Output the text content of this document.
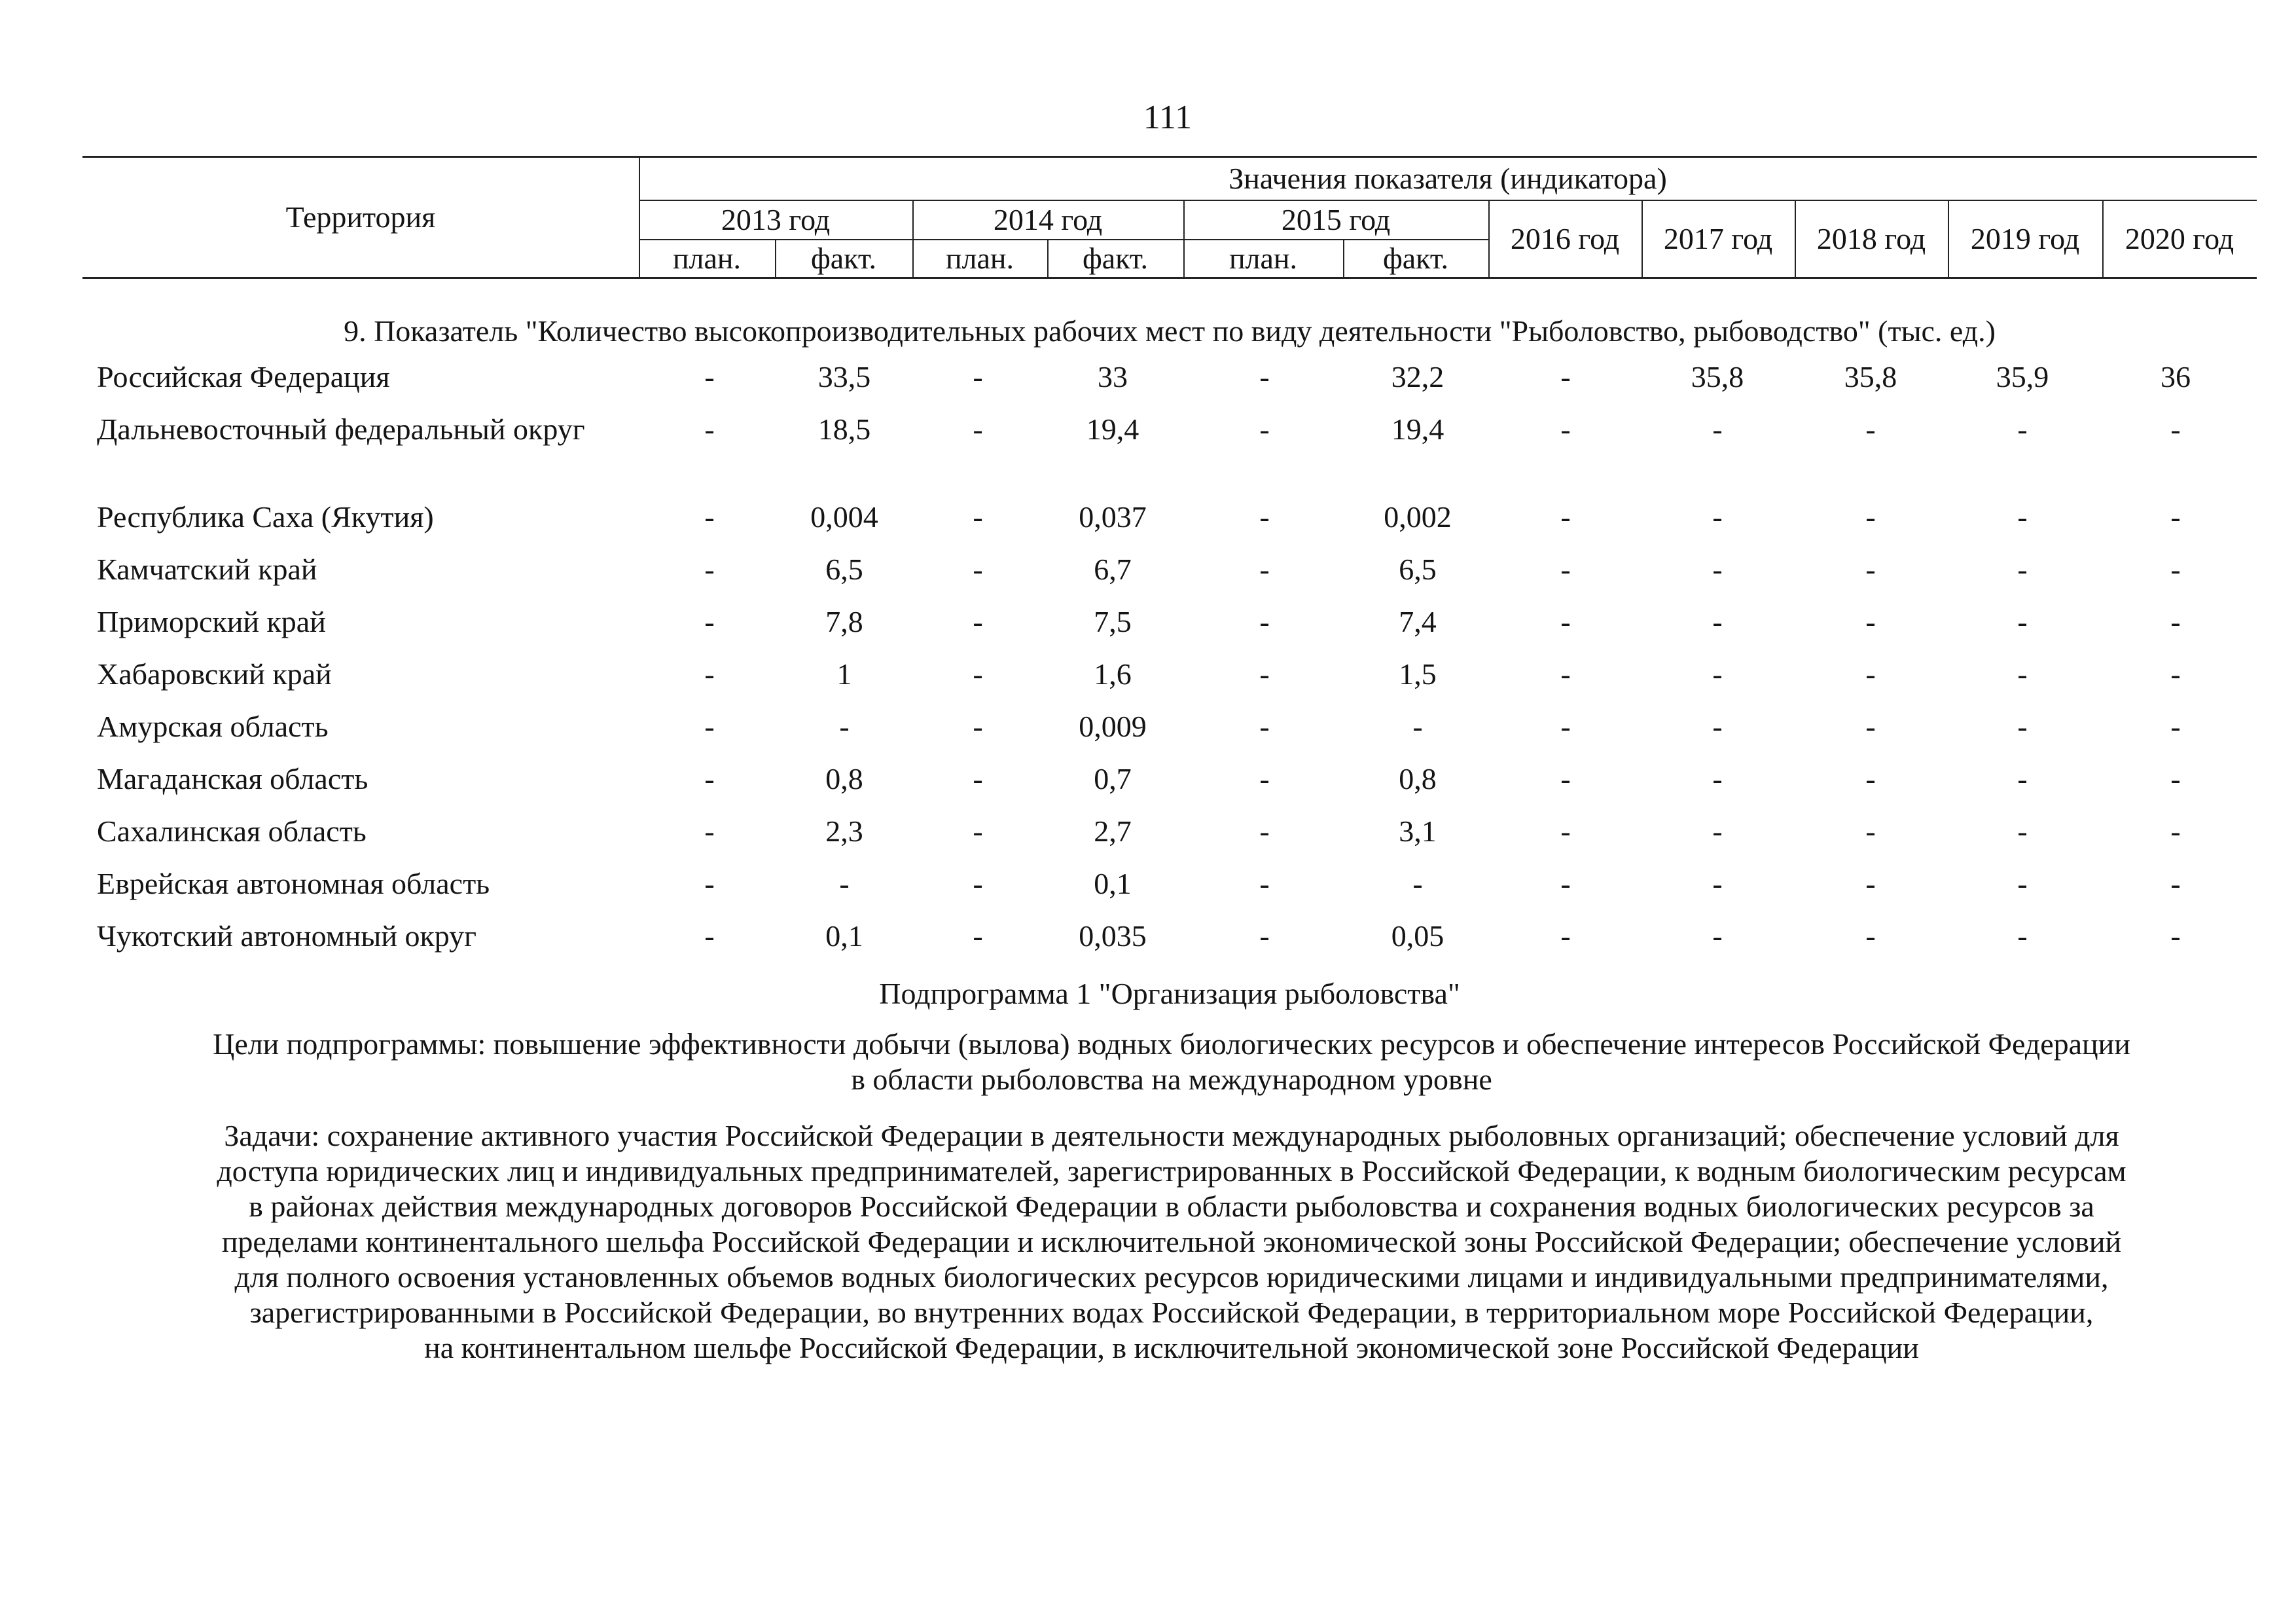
111
Территория
Значения показателя (индикатора)
2013 год	2014 год	2015 год
план.	факт.	план.	факт.	план.	факт.
2016 год	2017 год	2018 год	2019 год	2020 год
9. Показатель "Количество высокопроизводительных рабочих мест по виду деятельности "Рыболовство, рыбоводство" (тыс. ед.)
Российская Федерация	-	33,5	-	33	-	32,2	-	35,8	35,8	35,9	36
Дальневосточный федеральный округ	-	18,5	-	19,4	-	19,4	-	-	-	-	-
Республика Саха (Якутия)	-	0,004	-	0,037	-	0,002	-	-	-	-	-
Камчатский край	-	6,5	-	6,7	-	6,5	-	-	-	-	-
Приморский край	-	7,8	-	7,5	-	7,4	-	-	-	-	-
Хабаровский край	-	1	-	1,6	-	1,5	-	-	-	-	-
Амурская область	-	-	-	0,009	-	-	-	-	-	-	-
Магаданская область	-	0,8	-	0,7	-	0,8	-	-	-	-	-
Сахалинская область	-	2,3	-	2,7	-	3,1	-	-	-	-	-
Еврейская автономная область	-	-	-	0,1	-	-	-	-	-	-	-
Чукотский автономный округ	-	0,1	-	0,035	-	0,05	-	-	-	-	-
Подпрограмма 1 "Организация рыболовства"
Цели подпрограммы: повышение эффективности добычи (вылова) водных биологических ресурсов и обеспечение интересов Российской Федерации
в области рыболовства на международном уровне
Задачи: сохранение активного участия Российской Федерации в деятельности международных рыболовных организаций; обеспечение условий для
доступа юридических лиц и индивидуальных предпринимателей, зарегистрированных в Российской Федерации, к водным биологическим ресурсам
в районах действия международных договоров Российской Федерации в области рыболовства и сохранения водных биологических ресурсов за
пределами континентального шельфа Российской Федерации и исключительной экономической зоны Российской Федерации; обеспечение условий
для полного освоения установленных объемов водных биологических ресурсов юридическими лицами и индивидуальными предпринимателями,
зарегистрированными в Российской Федерации, во внутренних водах Российской Федерации, в территориальном море Российской Федерации,
на континентальном шельфе Российской Федерации, в исключительной экономической зоне Российской Федерации
